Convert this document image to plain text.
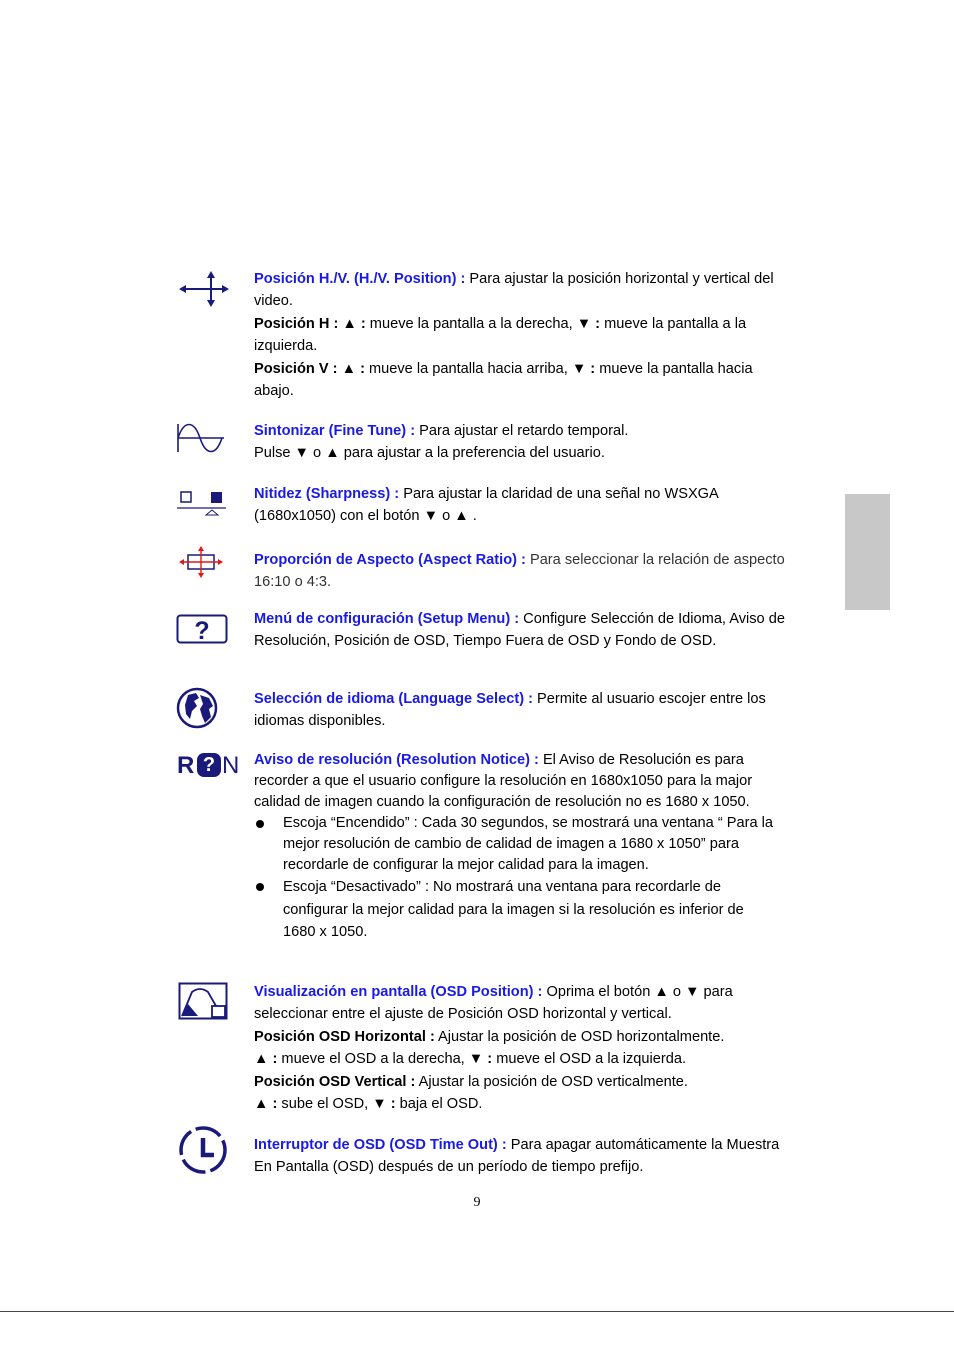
?
R ? N
Posición H./V. (H./V. Position) : Para ajustar la posición horizontal y vertical del video.
Posición H : ▲ : mueve la pantalla a la derecha, ▼ : mueve la pantalla a la izquierda.
Posición V : ▲ : mueve la pantalla hacia arriba, ▼ : mueve la pantalla hacia abajo.
Sintonizar (Fine Tune) : Para ajustar el retardo temporal.
Pulse ▼ o ▲ para ajustar a la preferencia del usuario.
Nitidez (Sharpness) : Para ajustar la claridad de una señal no WSXGA (1680x1050) con el botón ▼ o ▲ .
Proporción de Aspecto (Aspect Ratio) : Para seleccionar la relación de aspecto 16:10 o 4:3.
Menú de configuración (Setup Menu) : Configure Selección de Idioma, Aviso de Resolución, Posición de OSD, Tiempo Fuera de OSD y Fondo de OSD.
Selección de idioma (Language Select) : Permite al usuario escojer entre los idiomas disponibles.
Aviso de resolución (Resolution Notice) : El Aviso de Resolución es para recorder a que el usuario configure la resolución en 1680x1050 para la major calidad de imagen cuando la configuración de resolución no es 1680 x 1050.
Escoja “Encendido” : Cada 30 segundos, se mostrará una ventana “ Para la mejor resolución de cambio de calidad de imagen a 1680 x 1050” para recordarle de configurar la mejor calidad para la imagen.
Escoja “Desactivado” : No mostrará una ventana para recordarle de configurar la mejor calidad para la imagen si la resolución es inferior de 1680 x 1050.
Visualización en pantalla (OSD Position) : Oprima el botón ▲ o ▼ para seleccionar entre el ajuste de Posición OSD horizontal y vertical.
Posición OSD Horizontal : Ajustar la posición de OSD horizontalmente.
▲ : mueve el OSD a la derecha, ▼ : mueve el OSD a la izquierda.
Posición OSD Vertical : Ajustar la posición de OSD verticalmente.
▲ : sube el OSD, ▼ : baja el OSD.
Interruptor de OSD (OSD Time Out) : Para apagar automáticamente la Muestra En Pantalla (OSD) después de un período de tiempo prefijo.
9
